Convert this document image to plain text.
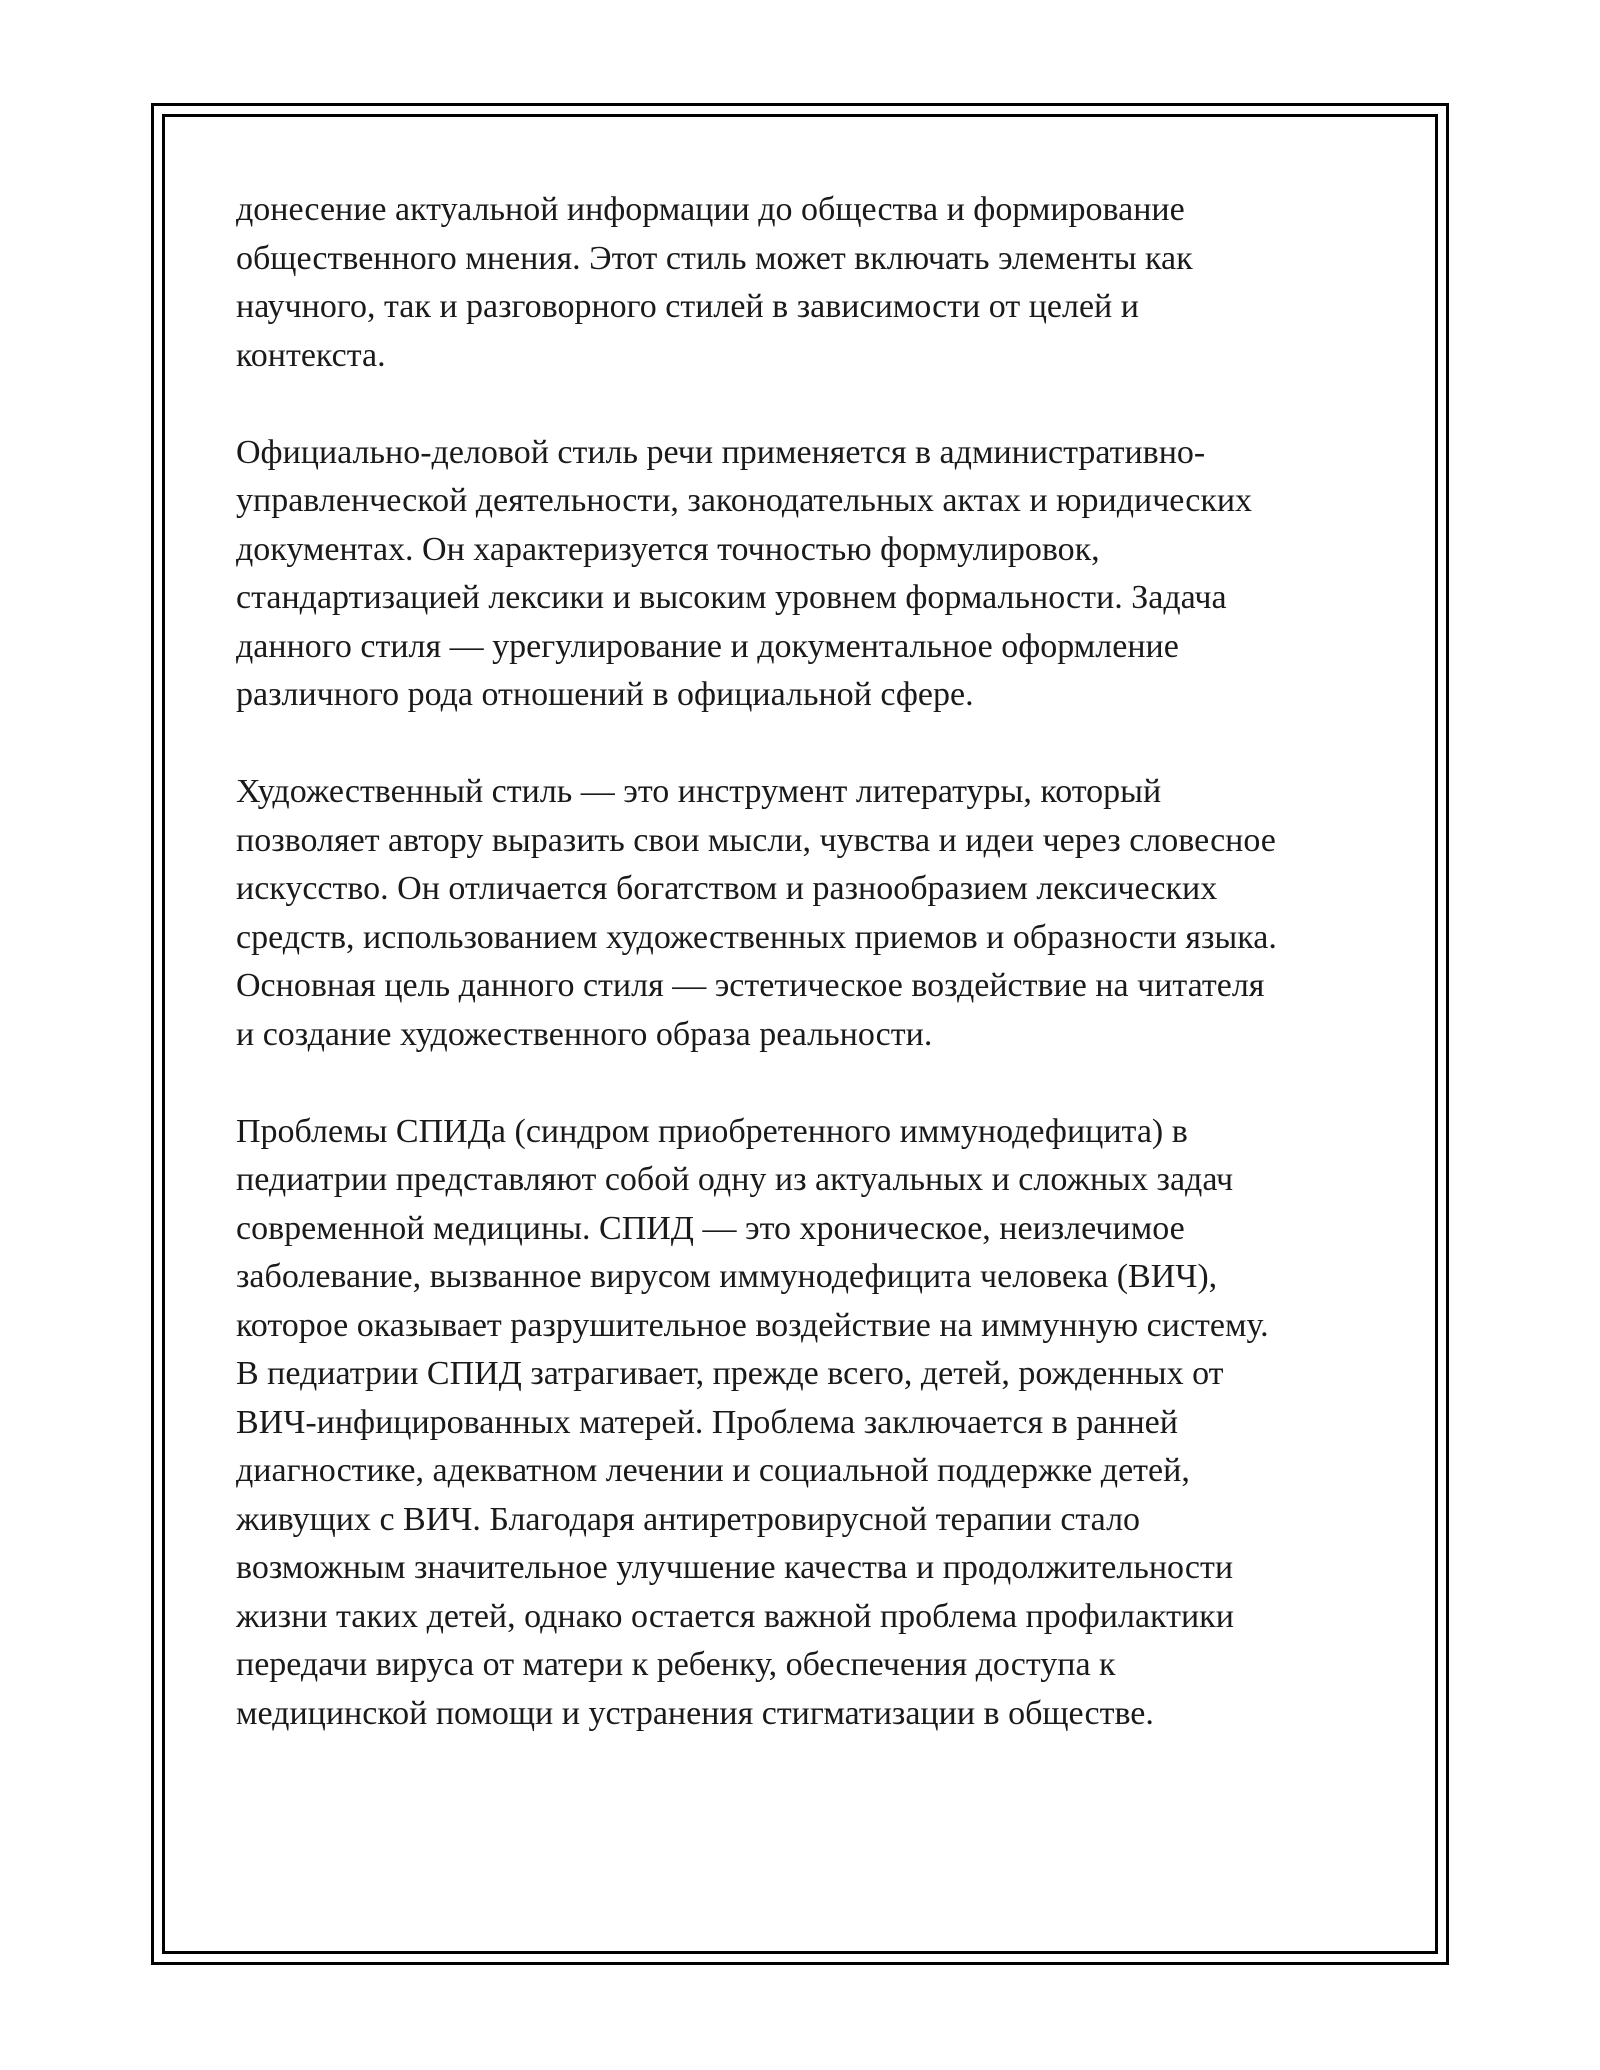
донесение актуальной информации до общества и формирование
общественного мнения. Этот стиль может включать элементы как
научного, так и разговорного стилей в зависимости от целей и
контекста.

Официально-деловой стиль речи применяется в административно-
управленческой деятельности, законодательных актах и юридических
документах. Он характеризуется точностью формулировок,
стандартизацией лексики и высоким уровнем формальности. Задача
данного стиля — урегулирование и документальное оформление
различного рода отношений в официальной сфере.

Художественный стиль — это инструмент литературы, который
позволяет автору выразить свои мысли, чувства и идеи через словесное
искусство. Он отличается богатством и разнообразием лексических
средств, использованием художественных приемов и образности языка.
Основная цель данного стиля — эстетическое воздействие на читателя
и создание художественного образа реальности.

Проблемы СПИДа (синдром приобретенного иммунодефицита) в
педиатрии представляют собой одну из актуальных и сложных задач
современной медицины. СПИД — это хроническое, неизлечимое
заболевание, вызванное вирусом иммунодефицита человека (ВИЧ),
которое оказывает разрушительное воздействие на иммунную систему.
В педиатрии СПИД затрагивает, прежде всего, детей, рожденных от
ВИЧ-инфицированных матерей. Проблема заключается в ранней
диагностике, адекватном лечении и социальной поддержке детей,
живущих с ВИЧ. Благодаря антиретровирусной терапии стало
возможным значительное улучшение качества и продолжительности
жизни таких детей, однако остается важной проблема профилактики
передачи вируса от матери к ребенку, обеспечения доступа к
медицинской помощи и устранения стигматизации в обществе.
